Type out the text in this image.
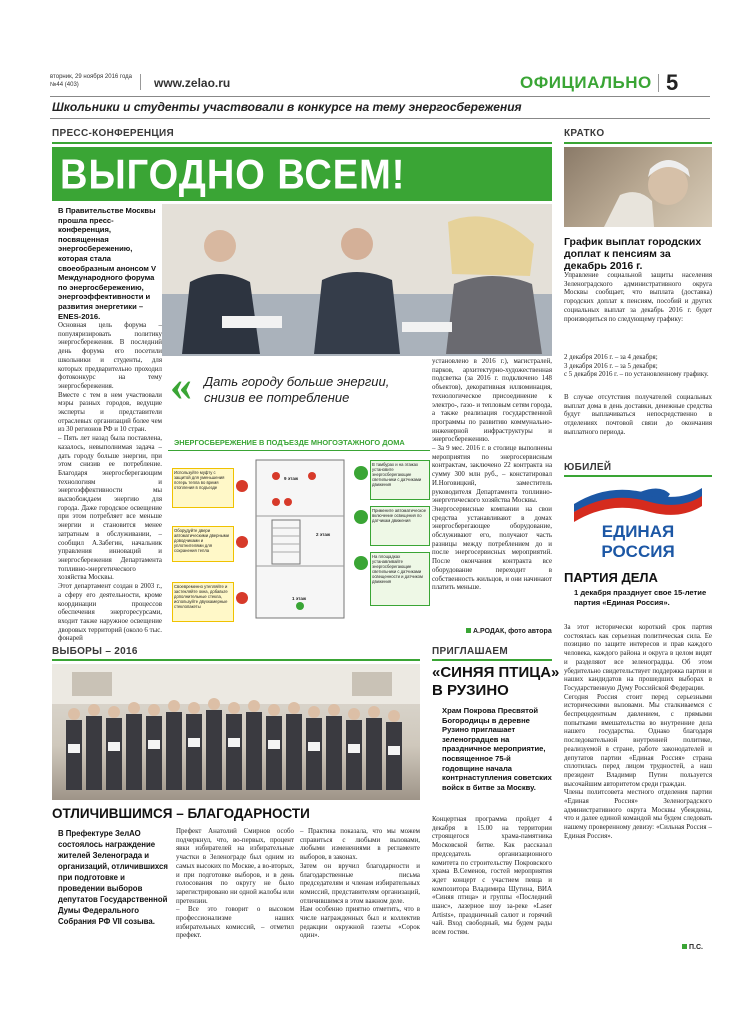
вторник, 29 ноября 2016 года
№44 (403)	www.zelao.ru	ОФИЦИАЛЬНО 5
Школьники и студенты участвовали в конкурсе на тему энергосбережения
ПРЕСС-КОНФЕРЕНЦИЯ
ВЫГОДНО ВСЕМ!
В Правительстве Москвы прошла пресс-конференция, посвященная энергосбережению, которая стала своеобразным анонсом V Международного форума по энергосбережению, энергоэффективности и развития энергетики – ENES-2016.
Основная цель форума – популяризировать политику энергосбережения. В последний день форума его посетили школьники и студенты, для которых предварительно проходил фотоконкурс на тему энергосбережения.
Вместе с тем в нем участвовали мэры разных городов, ведущие эксперты и представители отраслевых организаций более чем из 30 регионов РФ и 10 стран.
– Пять лет назад была поставлена, казалось, невыполнимая задача – дать городу больше энергии, при этом снизив ее потребление. Благодаря энергосберегающим технологиям и энергоэффективности мы высвобождаем энергию для города. Даже городское освещение при этом потребляет все меньше энергии и становится менее затратным в обслуживании, – сообщил А.Забегин, начальник управления инноваций и энергосбережения Департамента топливно-энергетического хозяйства Москвы.
Этот департамент создан в 2003 г., а сферу его деятельности, кроме координации процессов обеспечения энергоресурсами, входит также наружное освещение дворовых территорий (около 6 тыс. фонарей
« Дать городу больше энергии, снизив ее потребление
ЭНЕРГОСБЕРЕЖЕНИЕ В ПОДЪЕЗДЕ МНОГОЭТАЖНОГО ДОМА
Используйте муфту с защитой для уменьшения потерь тепла во время отопления в подъезде
Оборудуйте двери автоматическими дверными доводчиками и уплотнителями для сохранения тепла
Своевременно утепляйте и застекляйте окна, добавьте дополнительные стекла, используйте двухкамерные стеклопакеты
9 этаж
2 этаж
1 этаж
В тамбурах и на этажах установите энергосберегающие светильники с датчиками движения
Примените автоматическое включение освещения по датчикам движения
На площадках устанавливайте энергосберегающие светильники с датчиками освещенности и датчиком движения
установлено в 2016 г.), магистралей, парков, архитектурно-художественная подсветка (за 2016 г. подключено 148 объектов), декоративная иллюминация, технологическое присоединение к электро-, газо- и тепловым сетям города, а также реализация государственной программы по развитию коммунально-инженерной инфраструктуры и энергосбережению.
– За 9 мес. 2016 г. в столице выполнены мероприятия по энергосервисным контрактам, заключено 22 контракта на сумму 300 млн руб., – констатировал И.Ноговицкий, заместитель руководителя Департамента топливно-энергетического хозяйства Москвы.
Энергосервисные компании на свои средства устанавливают в домах энергосберегающее оборудование, обслуживают его, получают часть разницы между потреблением до и после энергосервисных мероприятий. После окончания контракта все оборудование переходит в собственность жильцов, и они начинают платить меньше.
А.РОДАК, фото автора
КРАТКО
График выплат городских доплат к пенсиям за декабрь 2016 г.
Управление социальной защиты населения Зеленоградского административного округа Москвы сообщает, что выплата (доставка) городских доплат к пенсиям, пособий и других социальных выплат за декабрь 2016 г. будет производиться по следующему графику:
2 декабря 2016 г. – за 4 декабря;
3 декабря 2016 г. – за 5 декабря;
с 5 декабря 2016 г. – по установленному графику.
В случае отсутствия получателей социальных выплат дома в день доставки, денежные средства будут выплачиваться непосредственно в отделениях почтовой связи до окончания выплатного периода.
ЮБИЛЕЙ
ЕДИНАЯ
РОССИЯ
ПАРТИЯ ДЕЛА
1 декабря празднует свое 15-летие партия «Единая Россия».
За этот исторически короткий срок партия состоялась как серьезная политическая сила. Ее позицию по защите интересов и прав каждого человека, каждого района и округа в целом видят и разделяют все зеленоградцы. Об этом убедительно свидетельствует поддержка партии и наших кандидатов на прошедших выборах в Государственную Думу Российской Федерации.
Сегодня Россия стоит перед серьезными историческими вызовами. Мы сталкиваемся с беспрецедентным давлением, с прямыми попытками вмешательства во внутренние дела нашего государства. Однако благодаря последовательной внутренней политике, реализуемой в стране, работе законодателей и депутатов партии «Единая Россия» страна сплотилась перед лицом трудностей, а наш президент Владимир Путин пользуется высочайшим авторитетом среди граждан.
Члены политсовета местного отделения партии «Единая Россия» Зеленоградского административного округа Москвы убеждены, что и далее единой командой мы будем следовать нашему проверенному девизу: «Сильная Россия – Единая Россия».
П.С.
ВЫБОРЫ – 2016
ОТЛИЧИВШИМСЯ – БЛАГОДАРНОСТИ
В Префектуре ЗелАО состоялось награждение жителей Зеленограда и организаций, отличившихся при подготовке и проведении выборов депутатов Государственной Думы Федерального Собрания РФ VII созыва.
Префект Анатолий Смирнов особо подчеркнул, что, во-первых, процент явки избирателей на избирательные участки в Зеленограде был одним из самых высоких по Москве, а во-вторых, и при подготовке выборов, и в день голосования по округу не было зарегистрировано ни одной жалобы или претензии.
– Все это говорит о высоком профессионализме наших избирательных комиссий, – отметил префект.
– Практика показала, что мы можем справиться с любыми вызовами, любыми изменениями в регламенте выборов, в законах.
Затем он вручил благодарности и благодарственные письма председателям и членам избирательных комиссий, представителям организаций, отличившимся в этом важном деле.
Нам особенно приятно отметить, что в числе награжденных был и коллектив редакции окружной газеты «Сорок один».
ПРИГЛАШАЕМ
«СИНЯЯ ПТИЦА»
В РУЗИНО
Храм Покрова Пресвятой Богородицы в деревне Рузино приглашает зеленоградцев на праздничное мероприятие, посвященное 75-й годовщине начала контрнаступления советских войск в битве за Москву.
Концертная программа пройдет 4 декабря в 15.00 на территории строящегося храма-памятника Московской битве. Как рассказал председатель организационного комитета по строительству Покровского храма В.Семенов, гостей мероприятия ждет концерт с участием певца и композитора Владимира Шутина, ВИА «Синяя птица» и группы «Последний шанс», лазерное шоу за-реке «Laser Artists», праздничный салют и горячий чай. Вход свободный, мы будем рады всем гостям.
